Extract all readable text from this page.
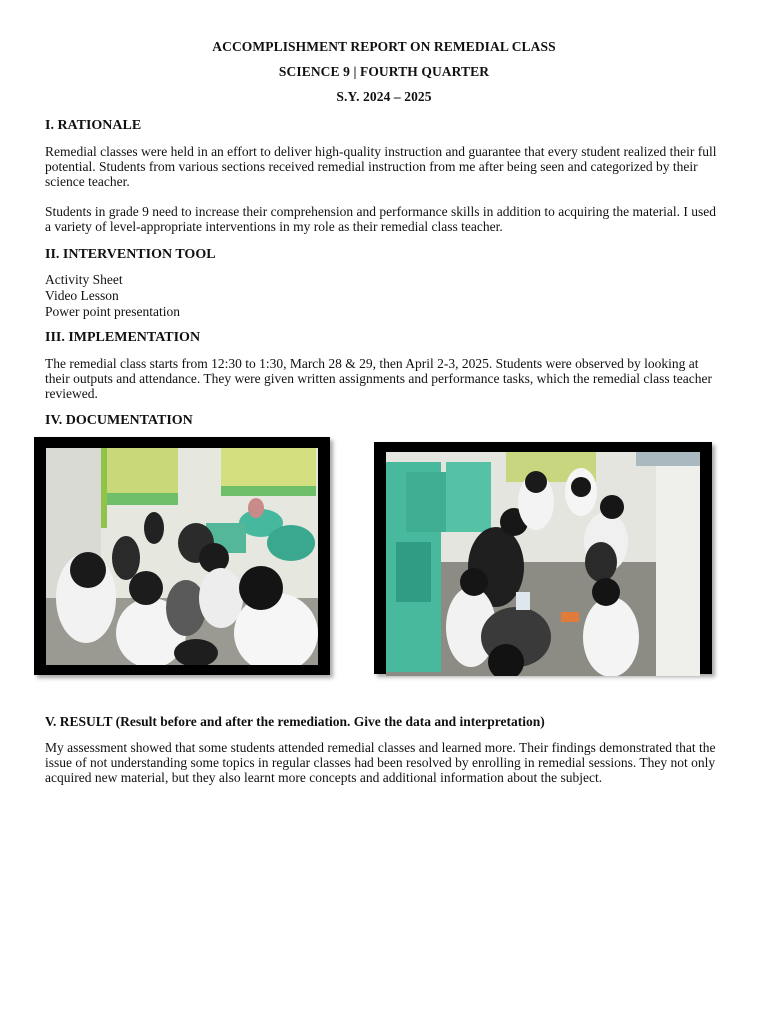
ACCOMPLISHMENT REPORT ON REMEDIAL CLASS
SCIENCE 9 | FOURTH QUARTER
S.Y. 2024 – 2025
I. RATIONALE
Remedial classes were held in an effort to deliver high-quality instruction and guarantee that every student realized their full potential. Students from various sections received remedial instruction from me after being seen and categorized by their science teacher.
Students in grade 9 need to increase their comprehension and performance skills in addition to acquiring the material. I used a variety of level-appropriate interventions in my role as their remedial class teacher.
II. INTERVENTION TOOL
Activity Sheet
Video Lesson
Power point presentation
III. IMPLEMENTATION
The remedial class starts from 12:30 to 1:30, March 28 & 29, then April 2-3, 2025. Students were observed by looking at their outputs and attendance. They were given written assignments and performance tasks, which the remedial class teacher reviewed.
IV. DOCUMENTATION
V. RESULT (Result before and after the remediation. Give the data and interpretation)
My assessment showed that some students attended remedial classes and learned more. Their findings demonstrated that the issue of not understanding some topics in regular classes had been resolved by enrolling in remedial sessions. They not only acquired new material, but they also learnt more concepts and additional information about the subject.
